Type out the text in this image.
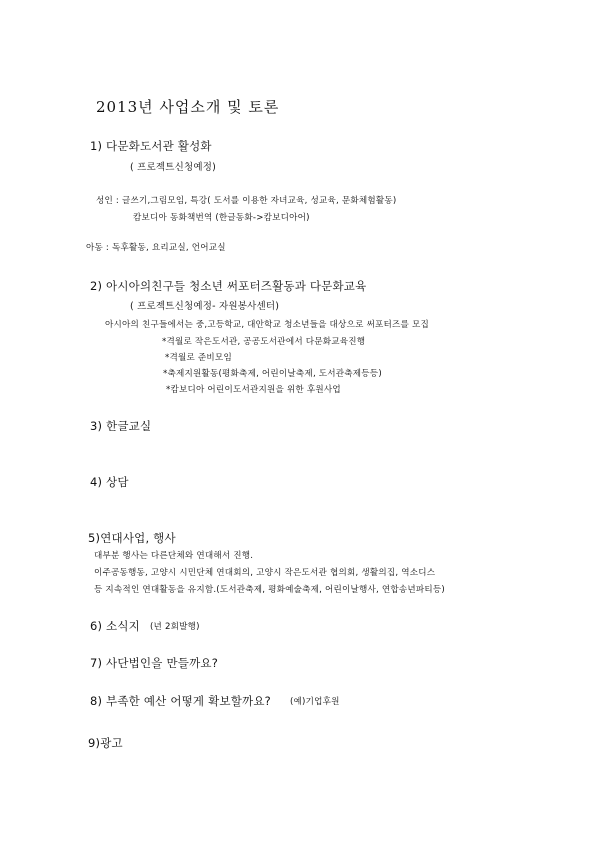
2013년 사업소개 및 토론
1) 다문화도서관 활성화
( 프로젝트신청예정)
성인 : 글쓰기,그림모임, 특강( 도서를 이용한 자녀교육, 성교육, 문화체험활동)
캄보디아 동화책번역 (한글동화->캄보디아어)
아동 : 독후활동, 요리교실, 언어교실
2) 아시아의친구들 청소년 써포터즈활동과 다문화교육
( 프로젝트신청예정- 자원봉사센터)
아시아의 친구들에서는 중,고등학교, 대안학교 청소년들을 대상으로 써포터즈를 모집
*격월로 작은도서관, 공공도서관에서 다문화교육진행
*격월로 준비모임
*축제지원활동(평화축제, 어린이날축제, 도서관축제등등)
*캄보디아 어린이도서관지원을 위한 후원사업
3) 한글교실
4) 상담
5)연대사업, 행사
대부분 행사는 다른단체와 연대해서 진행.
이주공동행동, 고양시 시민단체 연대회의, 고양시 작은도서관 협의회, 생활의집, 역소디스
등 지속적인 연대활동을 유지함.(도서관축제, 평화예술축제, 어린이날행사, 연합송년파티등)
6) 소식지 (년 2회발행)
7) 사단법인을 만들까요?
8) 부족한 예산 어떻게 확보할까요? (예)기업후원
9)광고
